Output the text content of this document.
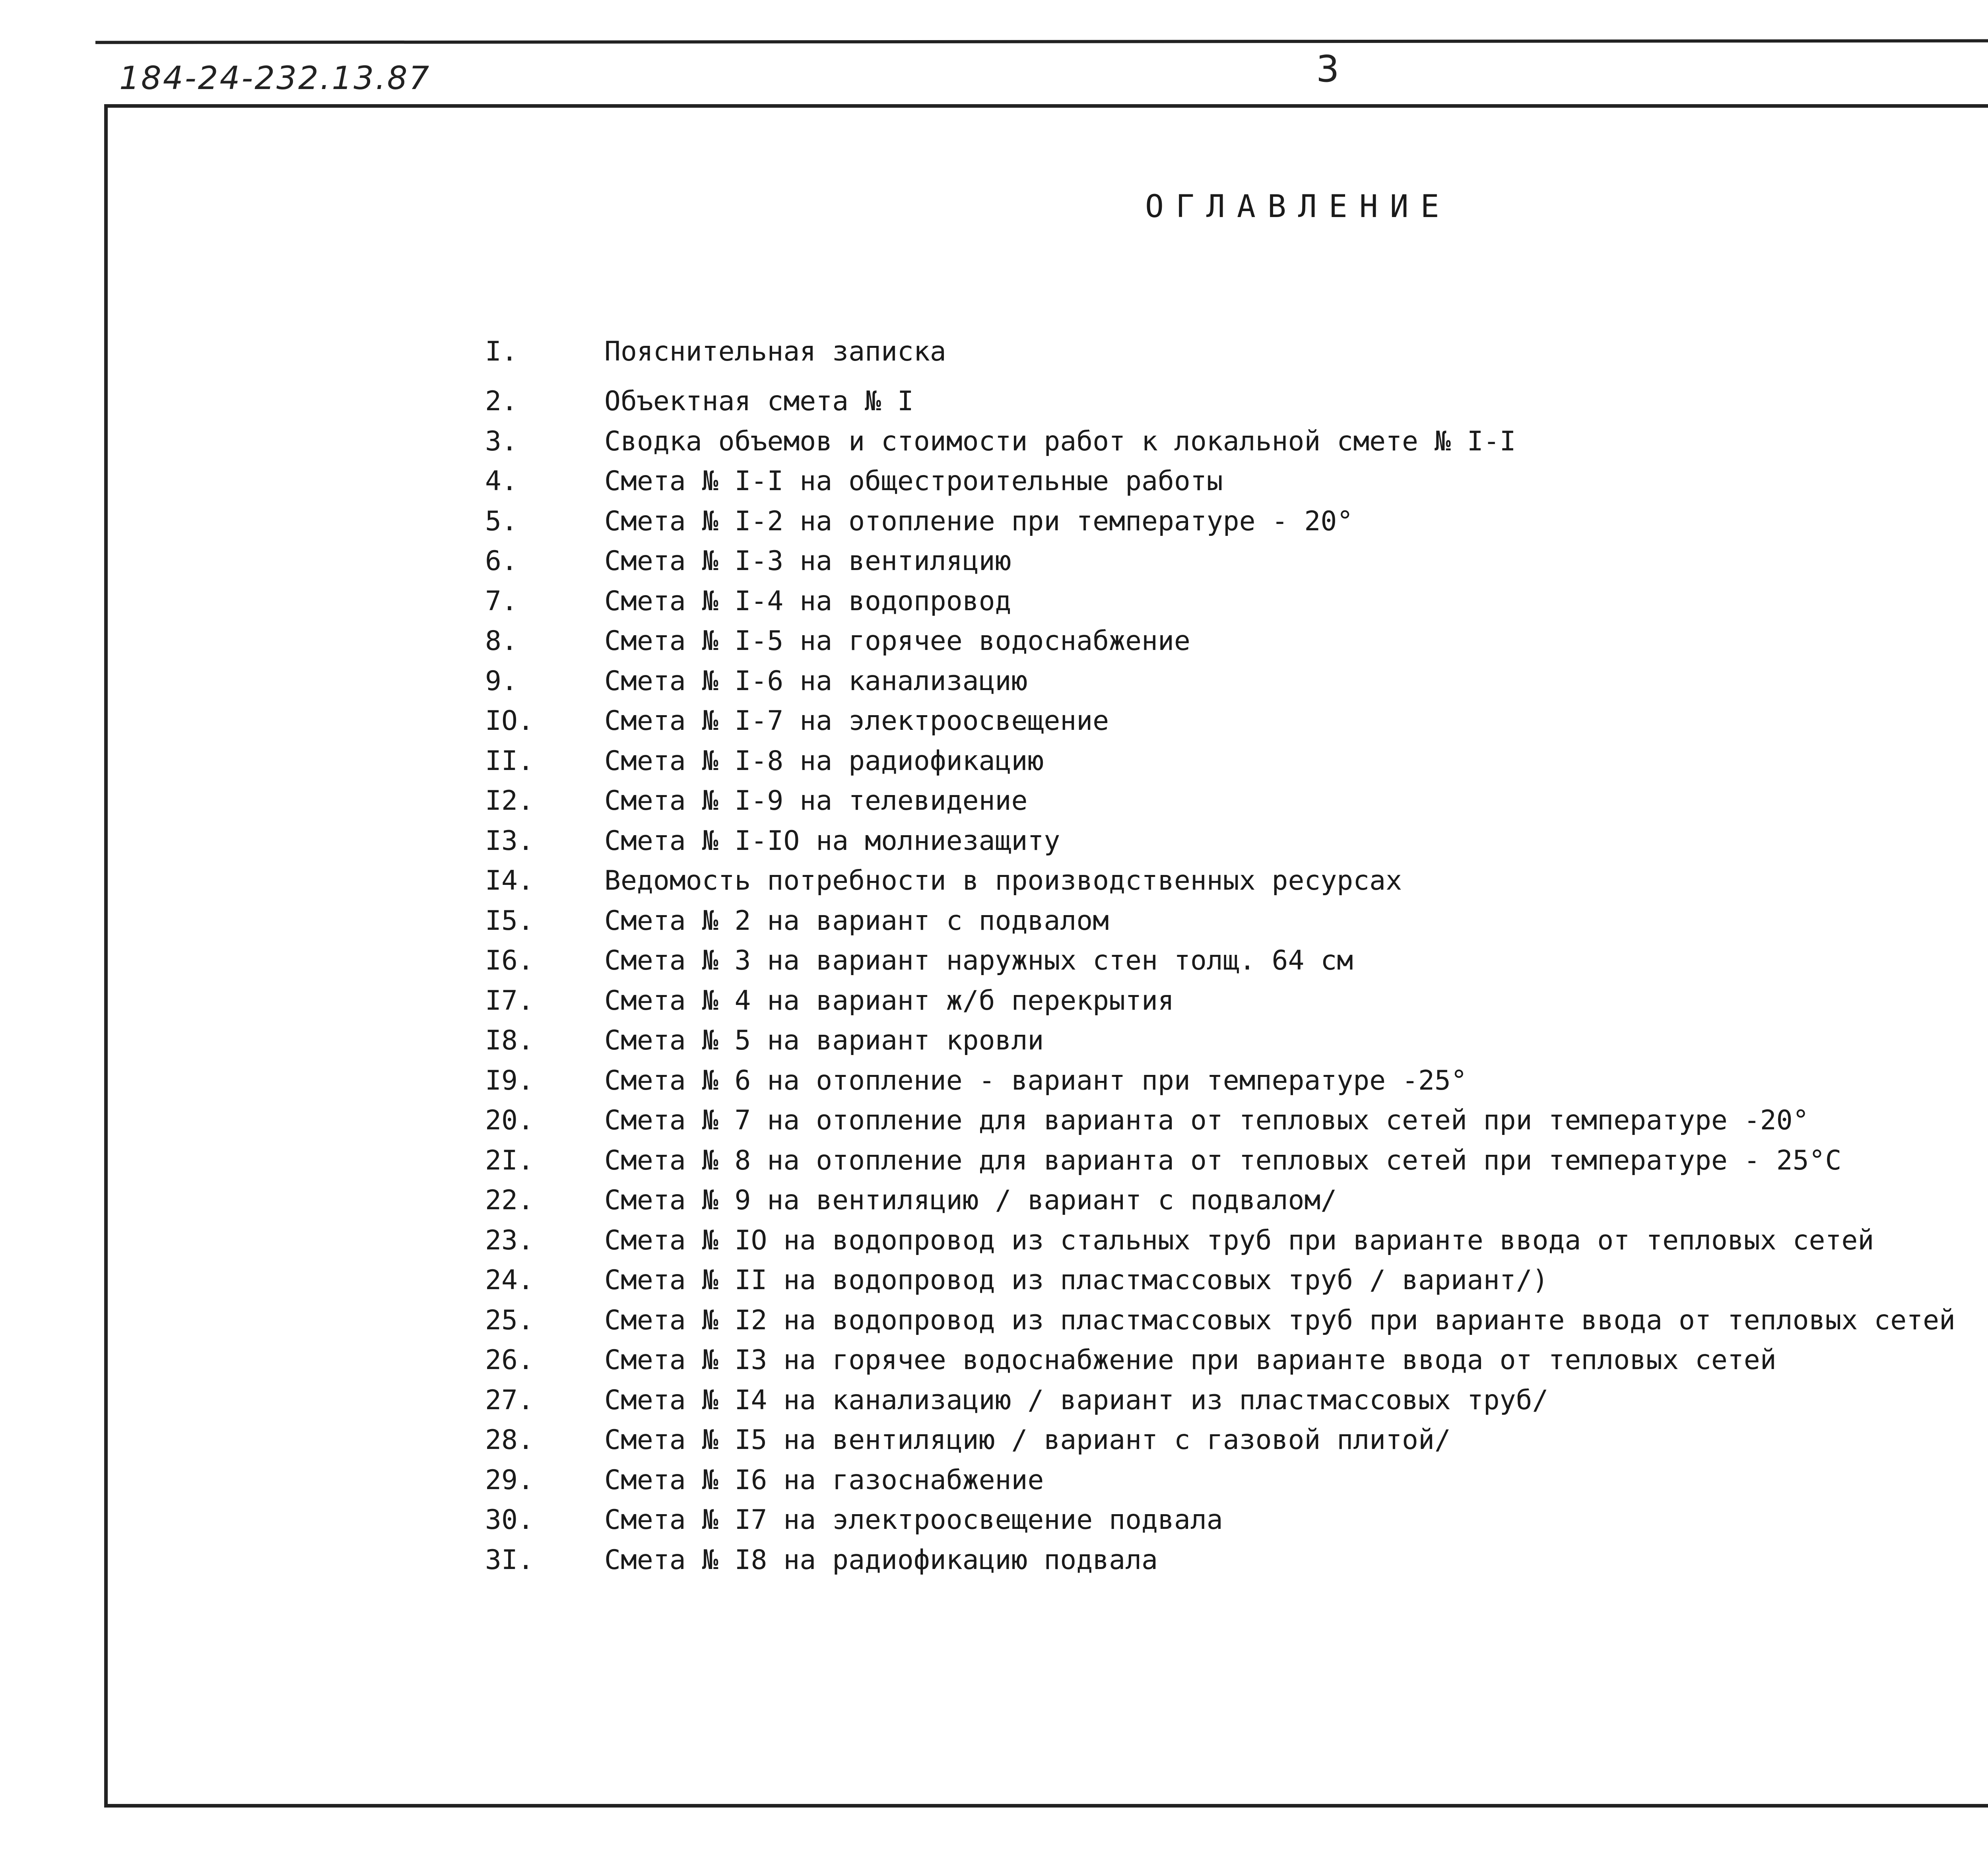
184-24-232.13.87	3
ОГЛАВЛЕНИЕ
I.	Пояснительная записка
2.	Объектная смета № I
3.	Сводка объемов и стоимости работ к локальной смете № I-I
4.	Смета № I-I на общестроительные работы
5.	Смета № I-2 на отопление при температуре - 20°
6.	Смета № I-3 на вентиляцию
7.	Смета № I-4 на водопровод
8.	Смета № I-5 на горячее водоснабжение
9.	Смета № I-6 на канализацию
IO.	Смета № I-7 на электроосвещение
II.	Смета № I-8 на радиофикацию
I2.	Смета № I-9 на телевидение
I3.	Смета № I-IO на молниезащиту
I4.	Ведомость потребности в производственных ресурсах
I5.	Смета № 2 на вариант с подвалом
I6.	Смета № 3 на вариант наружных стен толщ. 64 см
I7.	Смета № 4 на вариант ж/б перекрытия
I8.	Смета № 5 на вариант кровли
I9.	Смета № 6 на отопление - вариант при температуре -25°
20.	Смета № 7 на отопление для варианта от тепловых сетей при температуре -20°
2I.	Смета № 8 на отопление для варианта от тепловых сетей при температуре - 25°C
22.	Смета № 9 на вентиляцию / вариант с подвалом/
23.	Смета № IO на водопровод из стальных труб при варианте ввода от тепловых сетей
24.	Смета № II на водопровод из пластмассовых труб / вариант/)
25.	Смета № I2 на водопровод из пластмассовых труб при варианте ввода от тепловых сетей
26.	Смета № I3 на горячее водоснабжение при варианте ввода от тепловых сетей
27.	Смета № I4 на канализацию / вариант из пластмассовых труб/
28.	Смета № I5 на вентиляцию / вариант с газовой плитой/
29.	Смета № I6 на газоснабжение
30.	Смета № I7 на электроосвещение подвала
3I.	Смета № I8 на радиофикацию подвала
